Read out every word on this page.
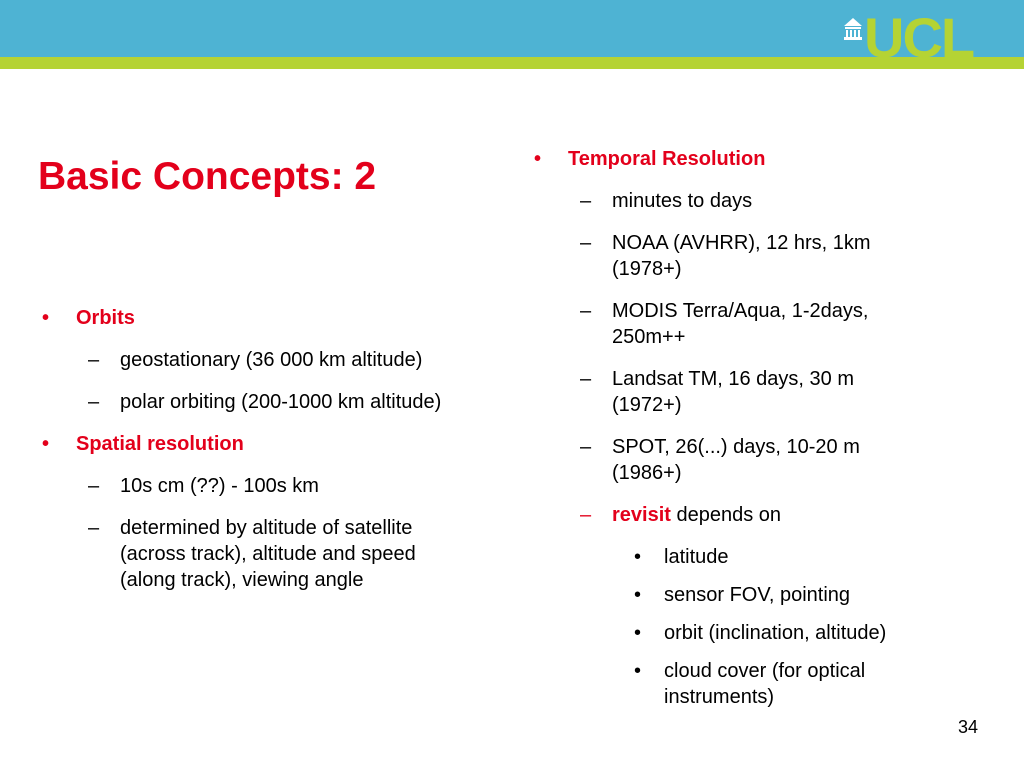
UCL
Basic Concepts: 2
•	Orbits
–	geostationary (36 000 km altitude)
–	polar orbiting (200-1000 km altitude)
•	Spatial resolution
–	10s cm (??) - 100s km
–	determined by altitude of satellite (across track), altitude and speed (along track), viewing angle
•	Temporal Resolution
–	minutes to days
–	NOAA (AVHRR), 12 hrs, 1km (1978+)
–	MODIS Terra/Aqua, 1-2days, 250m++
–	Landsat TM, 16 days, 30 m (1972+)
–	SPOT, 26(...) days, 10-20 m (1986+)
–	revisit depends on
•	latitude
•	sensor FOV, pointing
•	orbit (inclination, altitude)
•	cloud cover (for optical instruments)
34
